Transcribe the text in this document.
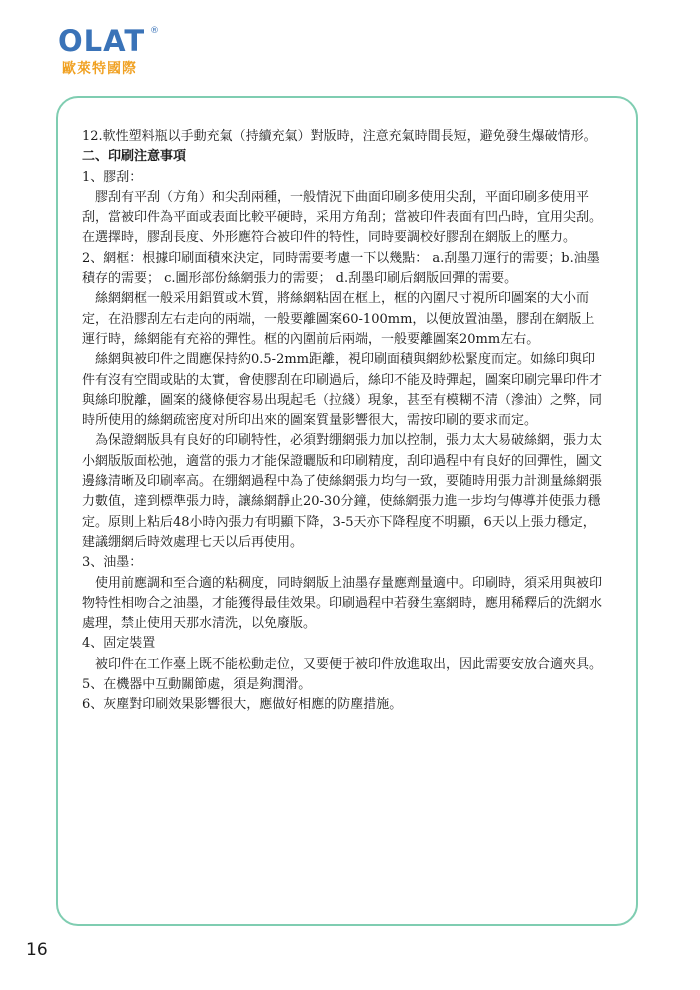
OLAT ®
歐萊特國際

12.軟性塑料瓶以手動充氣（持續充氣）對版時，注意充氣時間長短，避免發生爆破情形。

二、印刷注意事項

1、膠刮：

　膠刮有平刮（方角）和尖刮兩種，一般情況下曲面印刷多使用尖刮，平面印刷多使用平刮，當被印件為平面或表面比較平硬時，采用方角刮；當被印件表面有凹凸時，宜用尖刮。在選擇時，膠刮長度、外形應符合被印件的特性，同時要調校好膠刮在網版上的壓力。

2、網框：根據印刷面積來決定，同時需要考慮一下以幾點： a.刮墨刀運行的需要；b.油墨積存的需要； c.圖形部份絲網張力的需要； d.刮墨印刷后網版回彈的需要。

　絲網網框一般采用鋁質或木質，將絲網粘固在框上，框的內圍尺寸視所印圖案的大小而定，在沿膠刮左右走向的兩端，一般要離圖案60-100mm，以便放置油墨，膠刮在網版上運行時，絲網能有充裕的彈性。框的內圍前后兩端，一般要離圖案20mm左右。

　絲網與被印件之間應保持約0.5-2mm距離，視印刷面積與網紗松緊度而定。如絲印與印件有沒有空間或貼的太實，會使膠刮在印刷過后，絲印不能及時彈起，圖案印刷完畢印件才與絲印脫離，圖案的綫條便容易出現起毛（拉綫）現象，甚至有模糊不清（滲油）之弊，同時所使用的絲網疏密度对所印出來的圖案質量影響很大，需按印刷的要求而定。

　為保證網版具有良好的印刷特性，必須對绷網張力加以控制，張力太大易破絲網，張力太小網版版面松弛，適當的張力才能保證曬版和印刷精度，刮印過程中有良好的回彈性，圖文邊緣清晰及印刷率高。在绷網過程中為了使絲網張力均勻一致，要随時用張力計測量絲網張力數值，達到標準張力時，讓絲網靜止20-30分鐘，使絲網張力進一步均勻傳導并使張力穩定。原則上粘后48小時內張力有明顯下降，3-5天亦下降程度不明顯，6天以上張力穩定，建議绷網后時效處理七天以后再使用。

3、油墨：

　使用前應調和至合適的粘稠度，同時網版上油墨存量應劑量適中。印刷時，須采用與被印物特性相吻合之油墨，才能獲得最佳效果。印刷過程中若發生塞網時，應用稀釋后的洗網水處理，禁止使用天那水清洗，以免廢版。

4、固定裝置

　被印件在工作臺上既不能松動走位，又要便于被印件放進取出，因此需要安放合適夾具。

5、在機器中互動關節處，須是夠潤滑。

6、灰塵對印刷效果影響很大，應做好相應的防塵措施。

16
